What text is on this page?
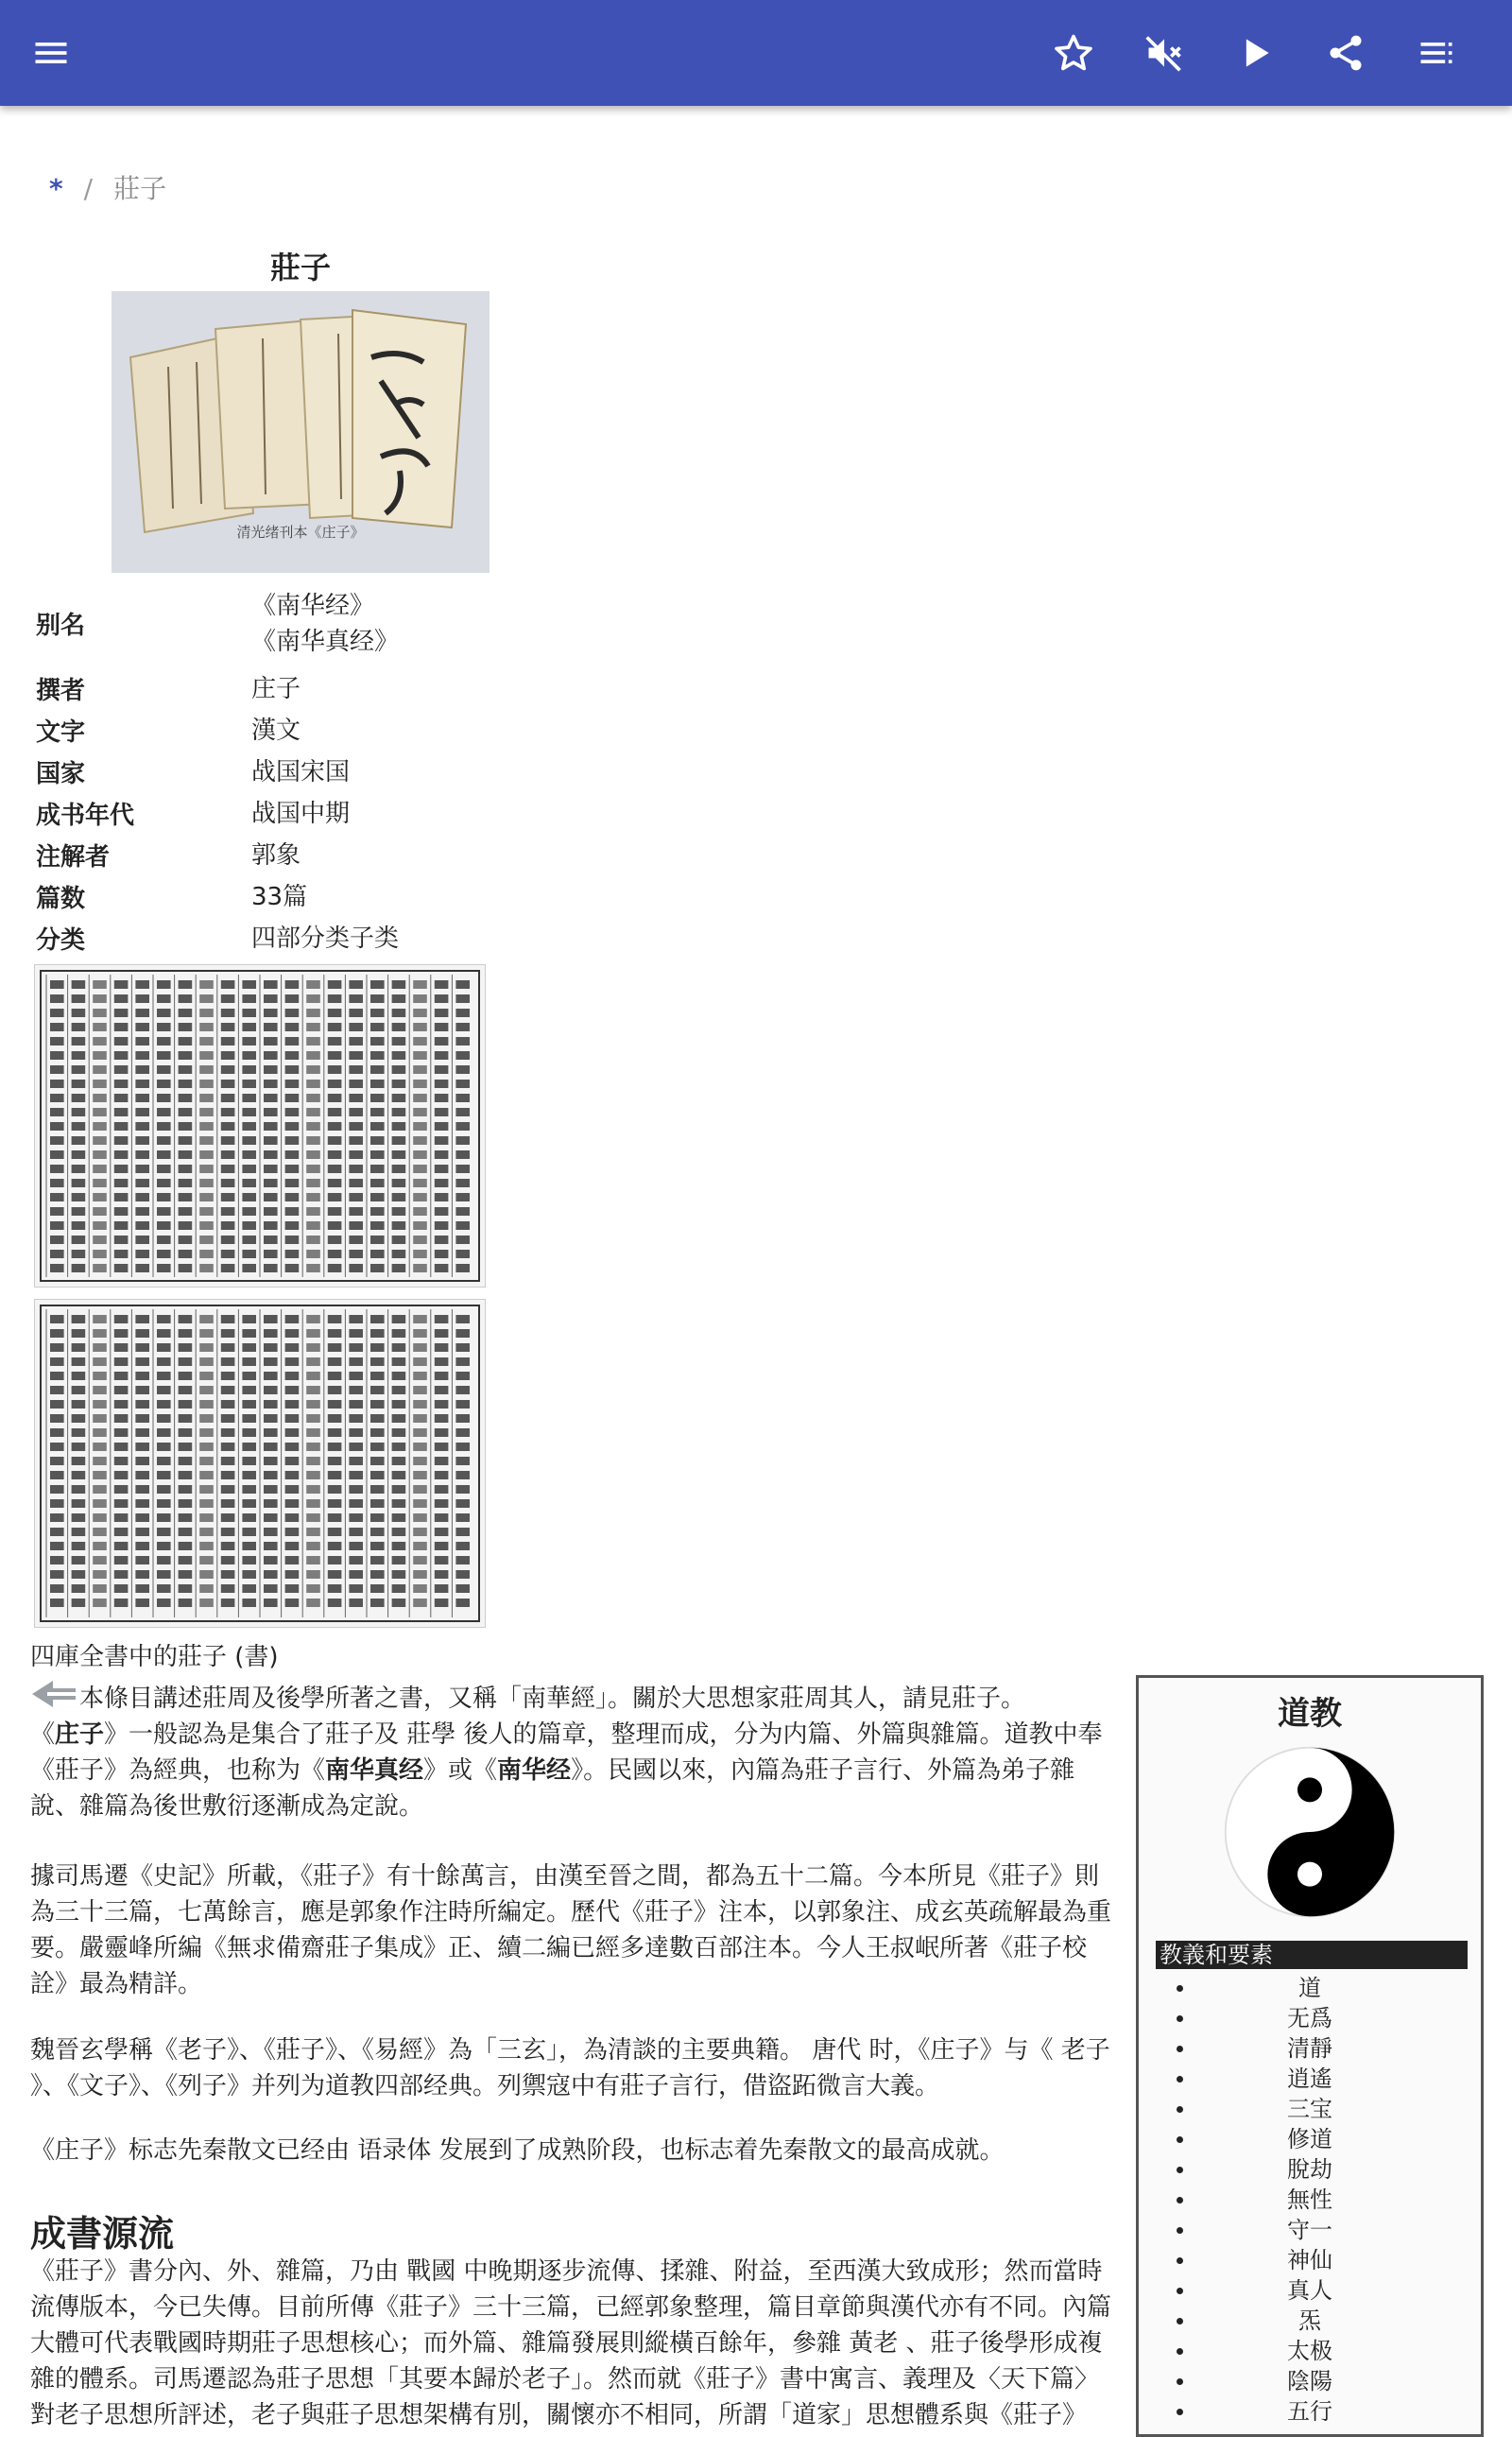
* / 莊子
莊子
清光绪刊本《庄子》
别名
《南华经》
《南华真经》
撰者	庄子
文字	漢文
国家	战国宋国
成书年代	战国中期
注解者	郭象
篇数	33篇
分类	四部分类子类
四庫全書中的莊子 (書)

本條目講述莊周及後學所著之書，又稱「南華經」。關於大思想家莊周其人，請見莊子。

《庄子》一般認為是集合了莊子及 莊學 後人的篇章，整理而成，分为内篇、外篇與雜篇。道教中奉《莊子》為經典，也称为《南华真经》或《南华经》。民國以來，內篇為莊子言行、外篇為弟子雜說、雜篇為後世敷衍逐漸成為定說。

據司馬遷《史記》所載，《莊子》有十餘萬言，由漢至晉之間，都為五十二篇。今本所見《莊子》則為三十三篇，七萬餘言，應是郭象作注時所編定。歷代《莊子》注本，以郭象注、成玄英疏解最為重要。嚴靈峰所編《無求備齋莊子集成》正、續二編已經多達數百部注本。今人王叔岷所著《莊子校詮》最為精詳。

魏晉玄學稱《老子》、《莊子》、《易經》為「三玄」，為清談的主要典籍。 唐代 时，《庄子》与《 老子 》、《文子》、《列子》并列为道教四部经典。列禦寇中有莊子言行，借盜跖微言大義。

《庄子》标志先秦散文已经由 语录体 发展到了成熟阶段，也标志着先秦散文的最高成就。

成書源流

《莊子》書分內、外、雜篇，乃由 戰國 中晚期逐步流傳、揉雜、附益，至西漢大致成形；然而當時流傳版本，今已失傳。目前所傳《莊子》三十三篇，已經郭象整理，篇目章節與漢代亦有不同。內篇大體可代表戰國時期莊子思想核心；而外篇、雜篇發展則縱橫百餘年，參雜 黃老 、莊子後學形成複雜的體系。司馬遷認為莊子思想「其要本歸於老子」。然而就《莊子》書中寓言、義理及〈天下篇〉對老子思想所評述，老子與莊子思想架構有別，關懷亦不相同，所謂「道家」思想體系與《莊子》

道教
教義和要素
道
无爲
清靜
逍遙
三宝
修道
脫劫
無性
守一
神仙
真人
炁
太极
陰陽
五行
